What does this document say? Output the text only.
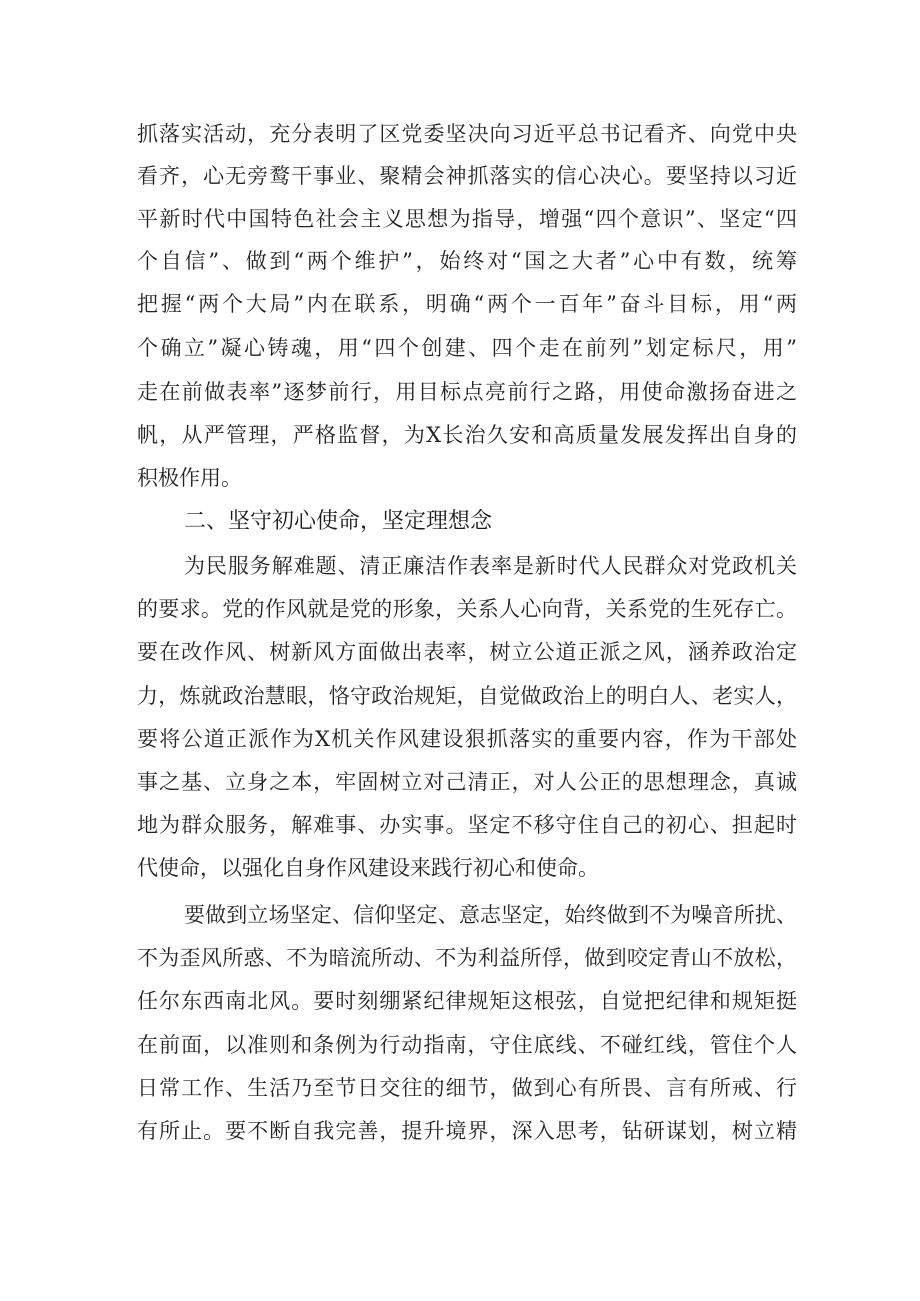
抓落实活动，充分表明了区党委坚决向习近平总书记看齐、向党中央
看齐，心无旁鹜干事业、聚精会神抓落实的信心决心。要坚持以习近
平新时代中国特色社会主义思想为指导，增强“四个意识”、坚定“四
个自信”、做到“两个维护”，始终对“国之大者”心中有数，统筹
把握“两个大局”内在联系，明确“两个一百年”奋斗目标，用“两
个确立”凝心铸魂，用“四个创建、四个走在前列”划定标尺，用”
走在前做表率”逐梦前行，用目标点亮前行之路，用使命激扬奋进之
帆，从严管理，严格监督，为X长治久安和高质量发展发挥出自身的
积极作用。
二、坚守初心使命，坚定理想念
为民服务解难题、清正廉洁作表率是新时代人民群众对党政机关
的要求。党的作风就是党的形象，关系人心向背，关系党的生死存亡。
要在改作风、树新风方面做出表率，树立公道正派之风，涵养政治定
力，炼就政治慧眼，恪守政治规矩，自觉做政治上的明白人、老实人，
要将公道正派作为X机关作风建设狠抓落实的重要内容，作为干部处
事之基、立身之本，牢固树立对己清正，对人公正的思想理念，真诚
地为群众服务，解难事、办实事。坚定不移守住自己的初心、担起时
代使命，以强化自身作风建设来践行初心和使命。
要做到立场坚定、信仰坚定、意志坚定，始终做到不为噪音所扰、
不为歪风所惑、不为暗流所动、不为利益所俘，做到咬定青山不放松，
任尔东西南北风。要时刻绷紧纪律规矩这根弦，自觉把纪律和规矩挺
在前面，以准则和条例为行动指南，守住底线、不碰红线，管住个人
日常工作、生活乃至节日交往的细节，做到心有所畏、言有所戒、行
有所止。要不断自我完善，提升境界，深入思考，钻研谋划，树立精
